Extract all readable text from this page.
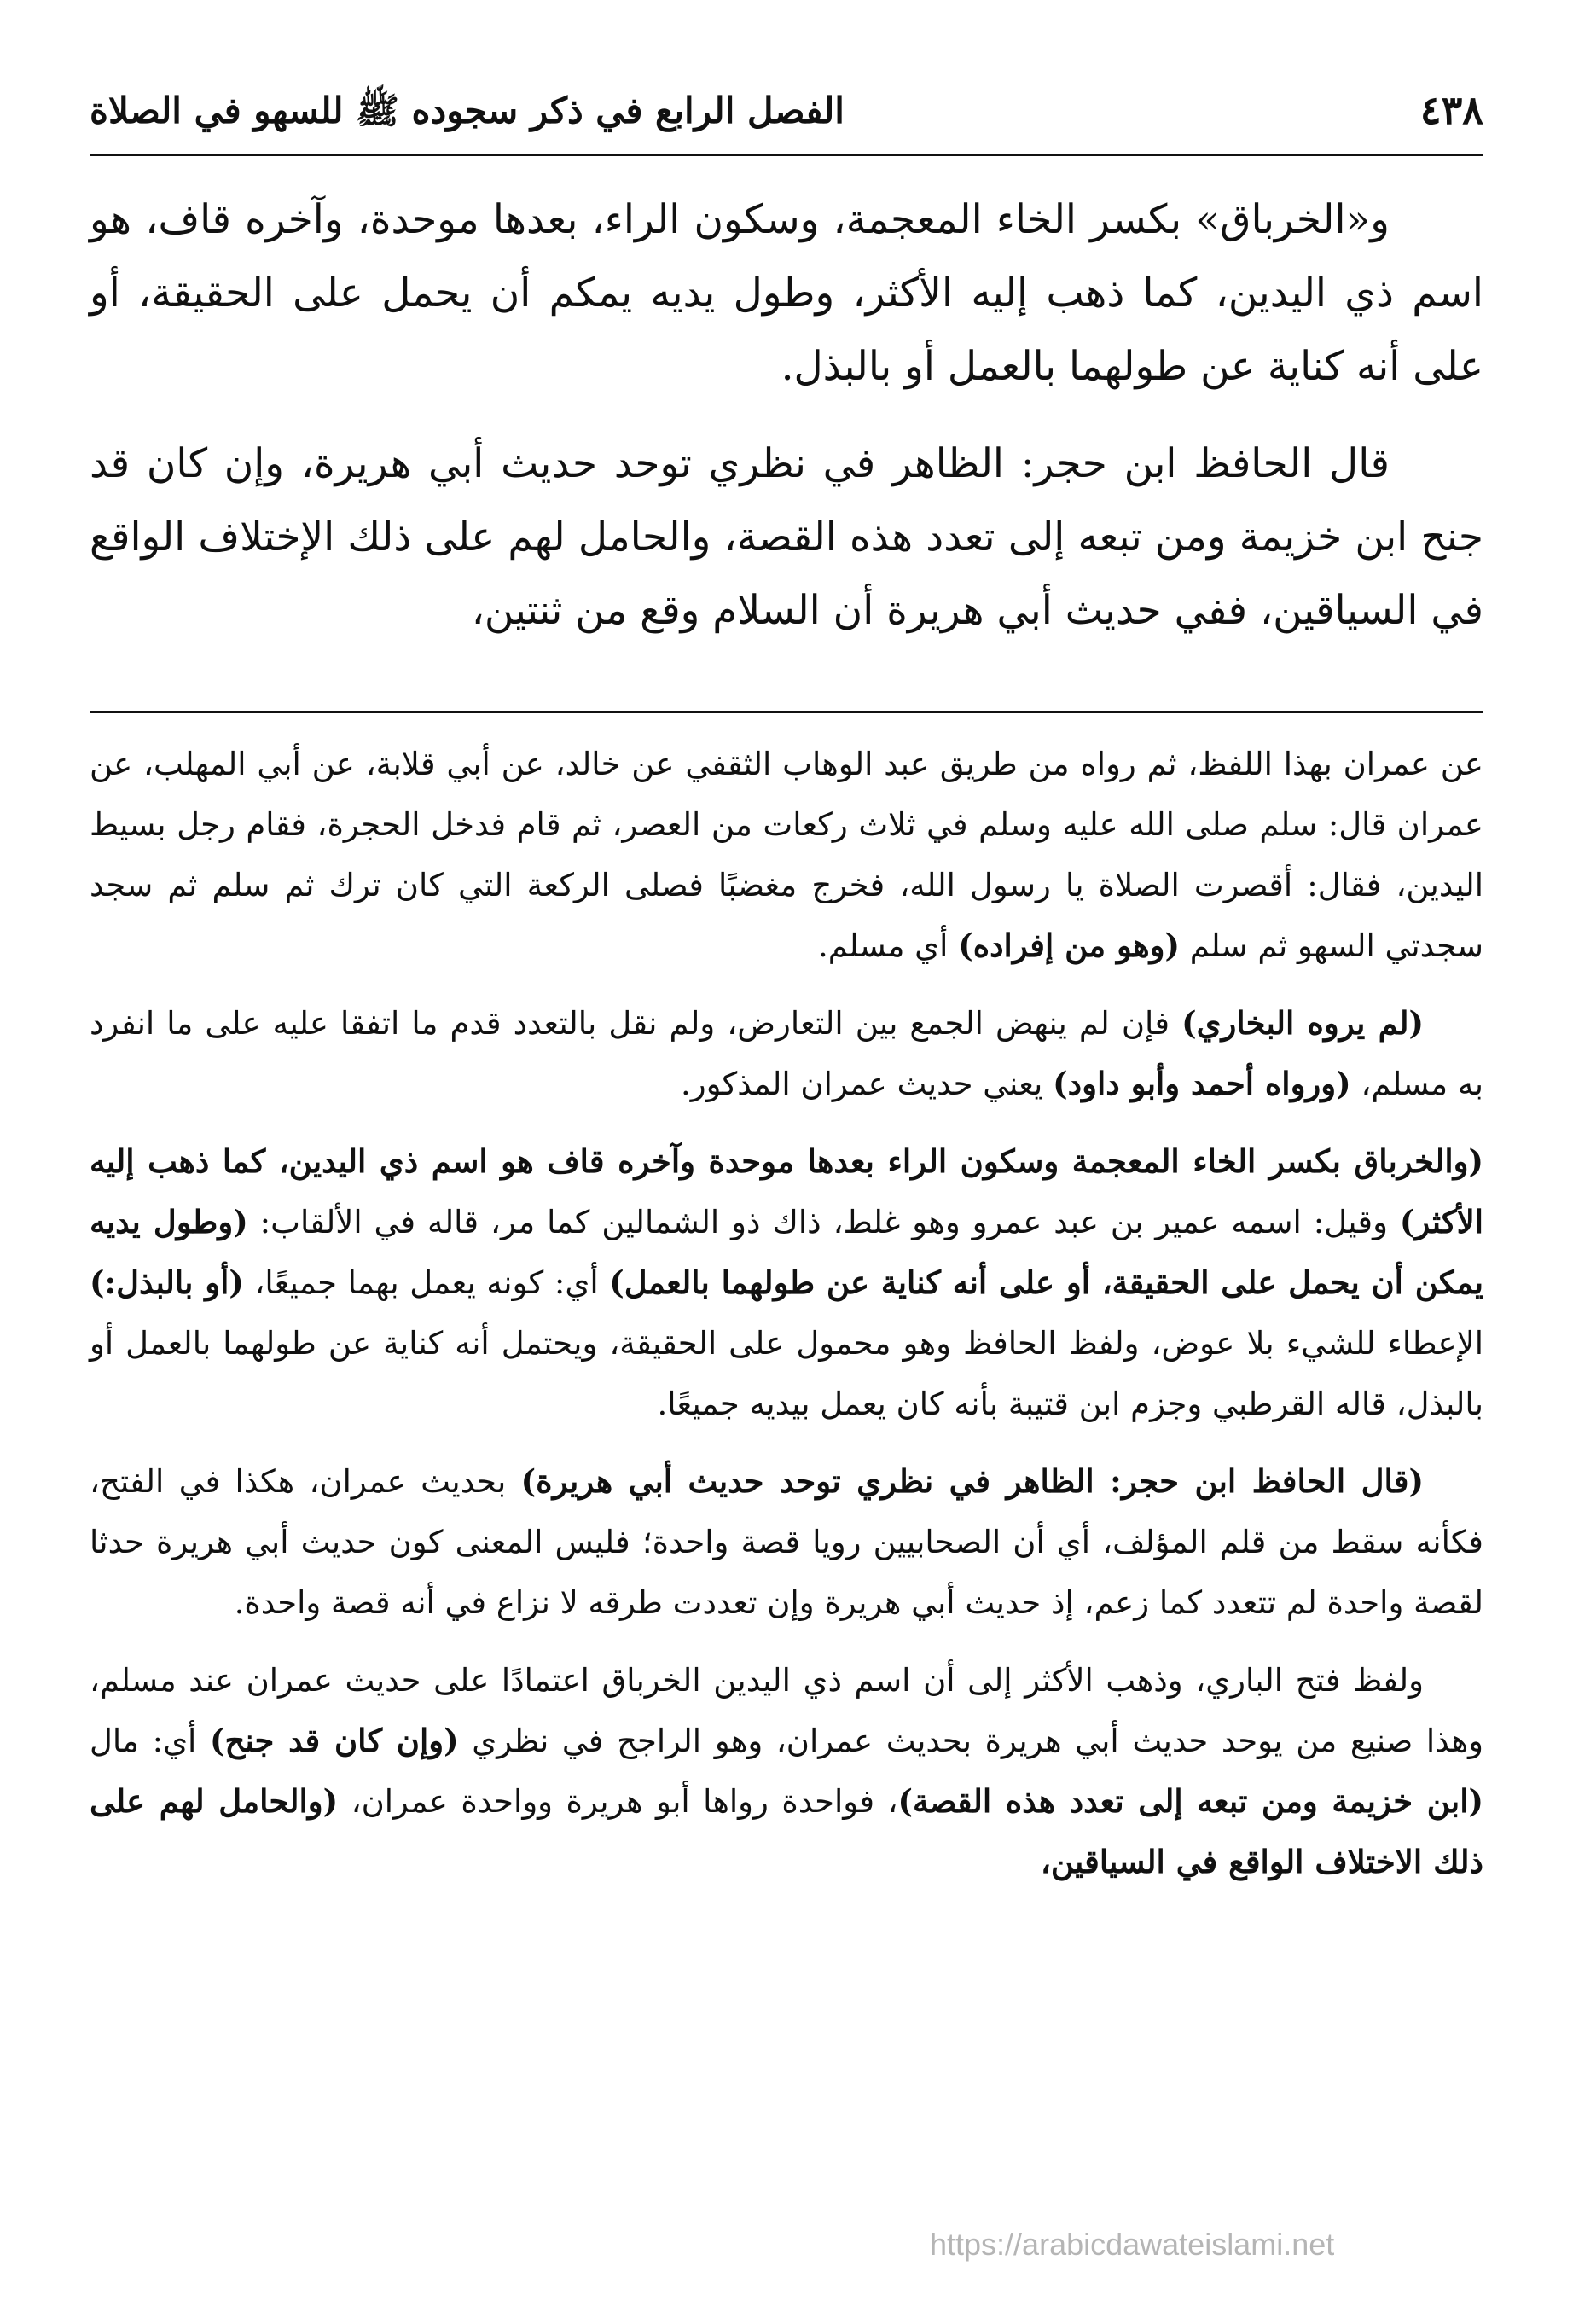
٤٣٨
الفصل الرابع في ذكر سجوده ﷺ للسهو في الصلاة

و«الخرباق» بكسر الخاء المعجمة، وسكون الراء، بعدها موحدة، وآخره قاف، هو اسم ذي اليدين، كما ذهب إليه الأكثر، وطول يديه يمكم أن يحمل على الحقيقة، أو على أنه كناية عن طولهما بالعمل أو بالبذل.

قال الحافظ ابن حجر: الظاهر في نظري توحد حديث أبي هريرة، وإن كان قد جنح ابن خزيمة ومن تبعه إلى تعدد هذه القصة، والحامل لهم على ذلك الإختلاف الواقع في السياقين، ففي حديث أبي هريرة أن السلام وقع من ثنتين،

عن عمران بهذا اللفظ، ثم رواه من طريق عبد الوهاب الثقفي عن خالد، عن أبي قلابة، عن أبي المهلب، عن عمران قال: سلم صلى الله عليه وسلم في ثلاث ركعات من العصر، ثم قام فدخل الحجرة، فقام رجل بسيط اليدين، فقال: أقصرت الصلاة يا رسول الله، فخرج مغضبًا فصلى الركعة التي كان ترك ثم سلم ثم سجد سجدتي السهو ثم سلم (وهو من إفراده) أي مسلم.

(لم يروه البخاري) فإن لم ينهض الجمع بين التعارض، ولم نقل بالتعدد قدم ما اتفقا عليه على ما انفرد به مسلم، (ورواه أحمد وأبو داود) يعني حديث عمران المذكور.

(والخرباق بكسر الخاء المعجمة وسكون الراء بعدها موحدة وآخره قاف هو اسم ذي اليدين، كما ذهب إليه الأكثر) وقيل: اسمه عمير بن عبد عمرو وهو غلط، ذاك ذو الشمالين كما مر، قاله في الألقاب: (وطول يديه يمكن أن يحمل على الحقيقة، أو على أنه كناية عن طولهما بالعمل) أي: كونه يعمل بهما جميعًا، (أو بالبذل:) الإعطاء للشيء بلا عوض، ولفظ الحافظ وهو محمول على الحقيقة، ويحتمل أنه كناية عن طولهما بالعمل أو بالبذل، قاله القرطبي وجزم ابن قتيبة بأنه كان يعمل بيديه جميعًا.

(قال الحافظ ابن حجر: الظاهر في نظري توحد حديث أبي هريرة) بحديث عمران، هكذا في الفتح، فكأنه سقط من قلم المؤلف، أي أن الصحابيين رويا قصة واحدة؛ فليس المعنى كون حديث أبي هريرة حدثا لقصة واحدة لم تتعدد كما زعم، إذ حديث أبي هريرة وإن تعددت طرقه لا نزاع في أنه قصة واحدة.

ولفظ فتح الباري، وذهب الأكثر إلى أن اسم ذي اليدين الخرباق اعتمادًا على حديث عمران عند مسلم، وهذا صنيع من يوحد حديث أبي هريرة بحديث عمران، وهو الراجح في نظري (وإن كان قد جنح) أي: مال (ابن خزيمة ومن تبعه إلى تعدد هذه القصة)، فواحدة رواها أبو هريرة وواحدة عمران، (والحامل لهم على ذلك الاختلاف الواقع في السياقين،

https://arabicdawateislami.net
